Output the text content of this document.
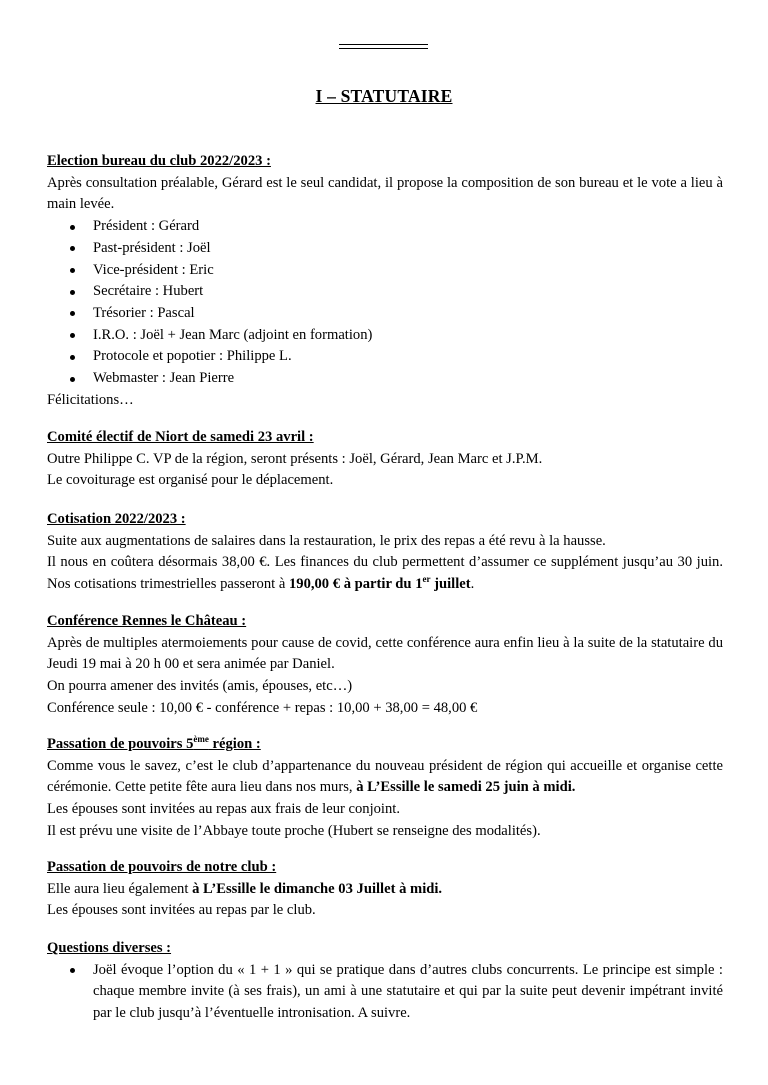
I – STATUTAIRE
Election bureau du club 2022/2023 :
Après consultation préalable, Gérard est le seul candidat, il propose la composition de son bureau et le vote a lieu à main levée.
Président : Gérard
Past-président : Joël
Vice-président : Eric
Secrétaire : Hubert
Trésorier : Pascal
I.R.O. : Joël + Jean Marc (adjoint en formation)
Protocole et popotier : Philippe L.
Webmaster : Jean Pierre
Félicitations…
Comité électif de Niort de samedi 23 avril :
Outre Philippe C. VP de la région, seront présents : Joël, Gérard, Jean Marc et J.P.M.
Le covoiturage est organisé pour le déplacement.
Cotisation 2022/2023 :
Suite aux augmentations de salaires dans la restauration, le prix des repas a été revu à la hausse.
Il nous en coûtera désormais 38,00 €. Les finances du club permettent d’assumer ce supplément jusqu’au 30 juin. Nos cotisations trimestrielles passeront à 190,00 € à partir du 1er juillet.
Conférence Rennes le Château :
Après de multiples atermoiements pour cause de covid, cette conférence aura enfin lieu à la suite de la statutaire du Jeudi 19 mai à 20 h 00 et sera animée par Daniel.
On pourra amener des invités (amis, épouses, etc…)
Conférence seule : 10,00 € - conférence + repas : 10,00 + 38,00 = 48,00 €
Passation de pouvoirs 5ème région :
Comme vous le savez, c’est le club d’appartenance du nouveau président de région qui accueille et organise cette cérémonie. Cette petite fête aura lieu dans nos murs, à L’Essille le samedi 25 juin à midi.
Les épouses sont invitées au repas aux frais de leur conjoint.
Il est prévu une visite de l’Abbaye toute proche (Hubert se renseigne des modalités).
Passation de pouvoirs de notre club :
Elle aura lieu également à L’Essille le dimanche 03 Juillet à midi.
Les épouses sont invitées au repas par le club.
Questions diverses :
Joël évoque l’option du « 1 + 1 » qui se pratique dans d’autres clubs concurrents. Le principe est simple : chaque membre invite (à ses frais), un ami à une statutaire et qui par la suite peut devenir impétrant invité par le club jusqu’à l’éventuelle intronisation. A suivre.
